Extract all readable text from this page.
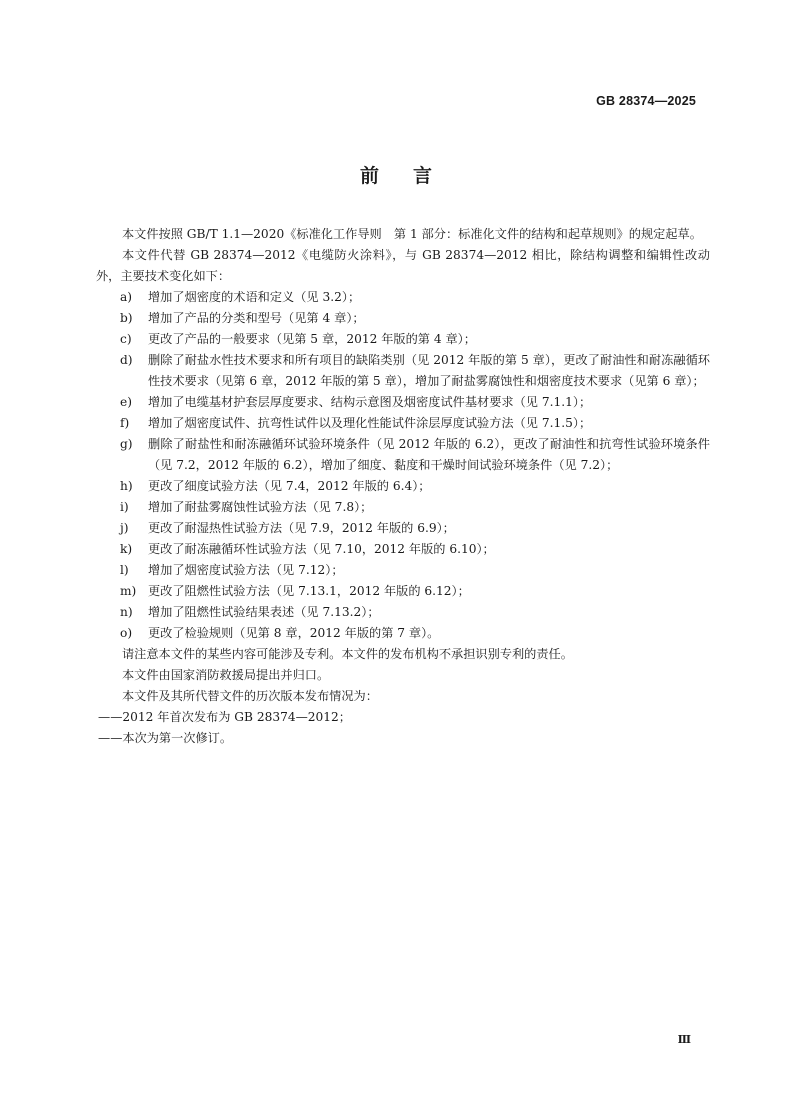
GB 28374—2025
前言

本文件按照 GB/T 1.1—2020《标准化工作导则　第 1 部分：标准化文件的结构和起草规则》的规定起草。

本文件代替 GB 28374—2012《电缆防火涂料》，与 GB 28374—2012 相比，除结构调整和编辑性改动外，主要技术变化如下：

a)	增加了烟密度的术语和定义（见 3.2）；
b)	增加了产品的分类和型号（见第 4 章）；
c)	更改了产品的一般要求（见第 5 章，2012 年版的第 4 章）；
d)	删除了耐盐水性技术要求和所有项目的缺陷类别（见 2012 年版的第 5 章），更改了耐油性和耐冻融循环性技术要求（见第 6 章，2012 年版的第 5 章），增加了耐盐雾腐蚀性和烟密度技术要求（见第 6 章）；
e)	增加了电缆基材护套层厚度要求、结构示意图及烟密度试件基材要求（见 7.1.1）；
f)	增加了烟密度试件、抗弯性试件以及理化性能试件涂层厚度试验方法（见 7.1.5）；
g)	删除了耐盐性和耐冻融循环试验环境条件（见 2012 年版的 6.2），更改了耐油性和抗弯性试验环境条件（见 7.2，2012 年版的 6.2），增加了细度、黏度和干燥时间试验环境条件（见 7.2）；
h)	更改了细度试验方法（见 7.4，2012 年版的 6.4）；
i)	增加了耐盐雾腐蚀性试验方法（见 7.8）；
j)	更改了耐湿热性试验方法（见 7.9，2012 年版的 6.9）；
k)	更改了耐冻融循环性试验方法（见 7.10，2012 年版的 6.10）；
l)	增加了烟密度试验方法（见 7.12）；
m) 更改了阻燃性试验方法（见 7.13.1，2012 年版的 6.12）；
n)	增加了阻燃性试验结果表述（见 7.13.2）；
o)	更改了检验规则（见第 8 章，2012 年版的第 7 章）。

请注意本文件的某些内容可能涉及专利。本文件的发布机构不承担识别专利的责任。

本文件由国家消防救援局提出并归口。

本文件及其所代替文件的历次版本发布情况为：

——2012 年首次发布为 GB 28374—2012；

——本次为第一次修订。

Ⅲ
